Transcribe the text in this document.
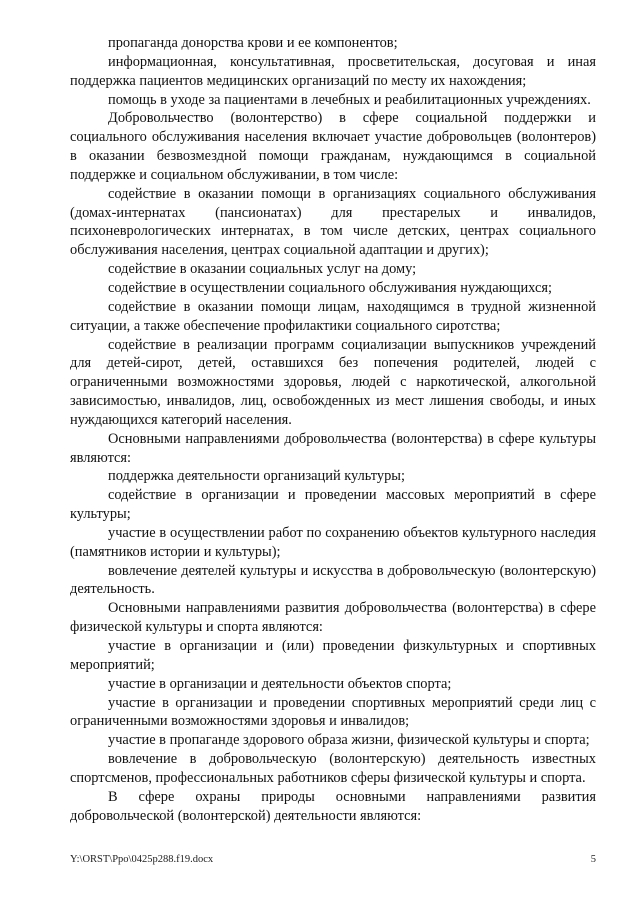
пропаганда донорства крови и ее компонентов;

информационная, консультативная, просветительская, досуговая и иная поддержка пациентов медицинских организаций по месту их нахождения;

помощь в уходе за пациентами в лечебных и реабилитационных учреждениях.

Добровольчество (волонтерство) в сфере социальной поддержки и социального обслуживания населения включает участие добровольцев (волонтеров) в оказании безвозмездной помощи гражданам, нуждающимся в социальной поддержке и социальном обслуживании, в том числе:

содействие в оказании помощи в организациях социального обслуживания (домах-интернатах (пансионатах) для престарелых и инвалидов, психоневрологических интернатах, в том числе детских, центрах социального обслуживания населения, центрах социальной адаптации и других);

содействие в оказании социальных услуг на дому;

содействие в осуществлении социального обслуживания нуждающихся;

содействие в оказании помощи лицам, находящимся в трудной жизненной ситуации, а также обеспечение профилактики социального сиротства;

содействие в реализации программ социализации выпускников учреждений для детей-сирот, детей, оставшихся без попечения родителей, людей с ограниченными возможностями здоровья, людей с наркотической, алкогольной зависимостью, инвалидов, лиц, освобожденных из мест лишения свободы, и иных нуждающихся категорий населения.

Основными направлениями добровольчества (волонтерства) в сфере культуры являются:

поддержка деятельности организаций культуры;

содействие в организации и проведении массовых мероприятий в сфере культуры;

участие в осуществлении работ по сохранению объектов культурного наследия (памятников истории и культуры);

вовлечение деятелей культуры и искусства в добровольческую (волонтерскую) деятельность.

Основными направлениями развития добровольчества (волонтерства) в сфере физической культуры и спорта являются:

участие в организации и (или) проведении физкультурных и спортивных мероприятий;

участие в организации и деятельности объектов спорта;

участие в организации и проведении спортивных мероприятий среди лиц с ограниченными возможностями здоровья и инвалидов;

участие в пропаганде здорового образа жизни, физической культуры и спорта;

вовлечение в добровольческую (волонтерскую) деятельность известных спортсменов, профессиональных работников сферы физической культуры и спорта.

В сфере охраны природы основными направлениями развития добровольческой (волонтерской) деятельности являются:

Y:\ORST\Ppo\0425p288.f19.docx	5
